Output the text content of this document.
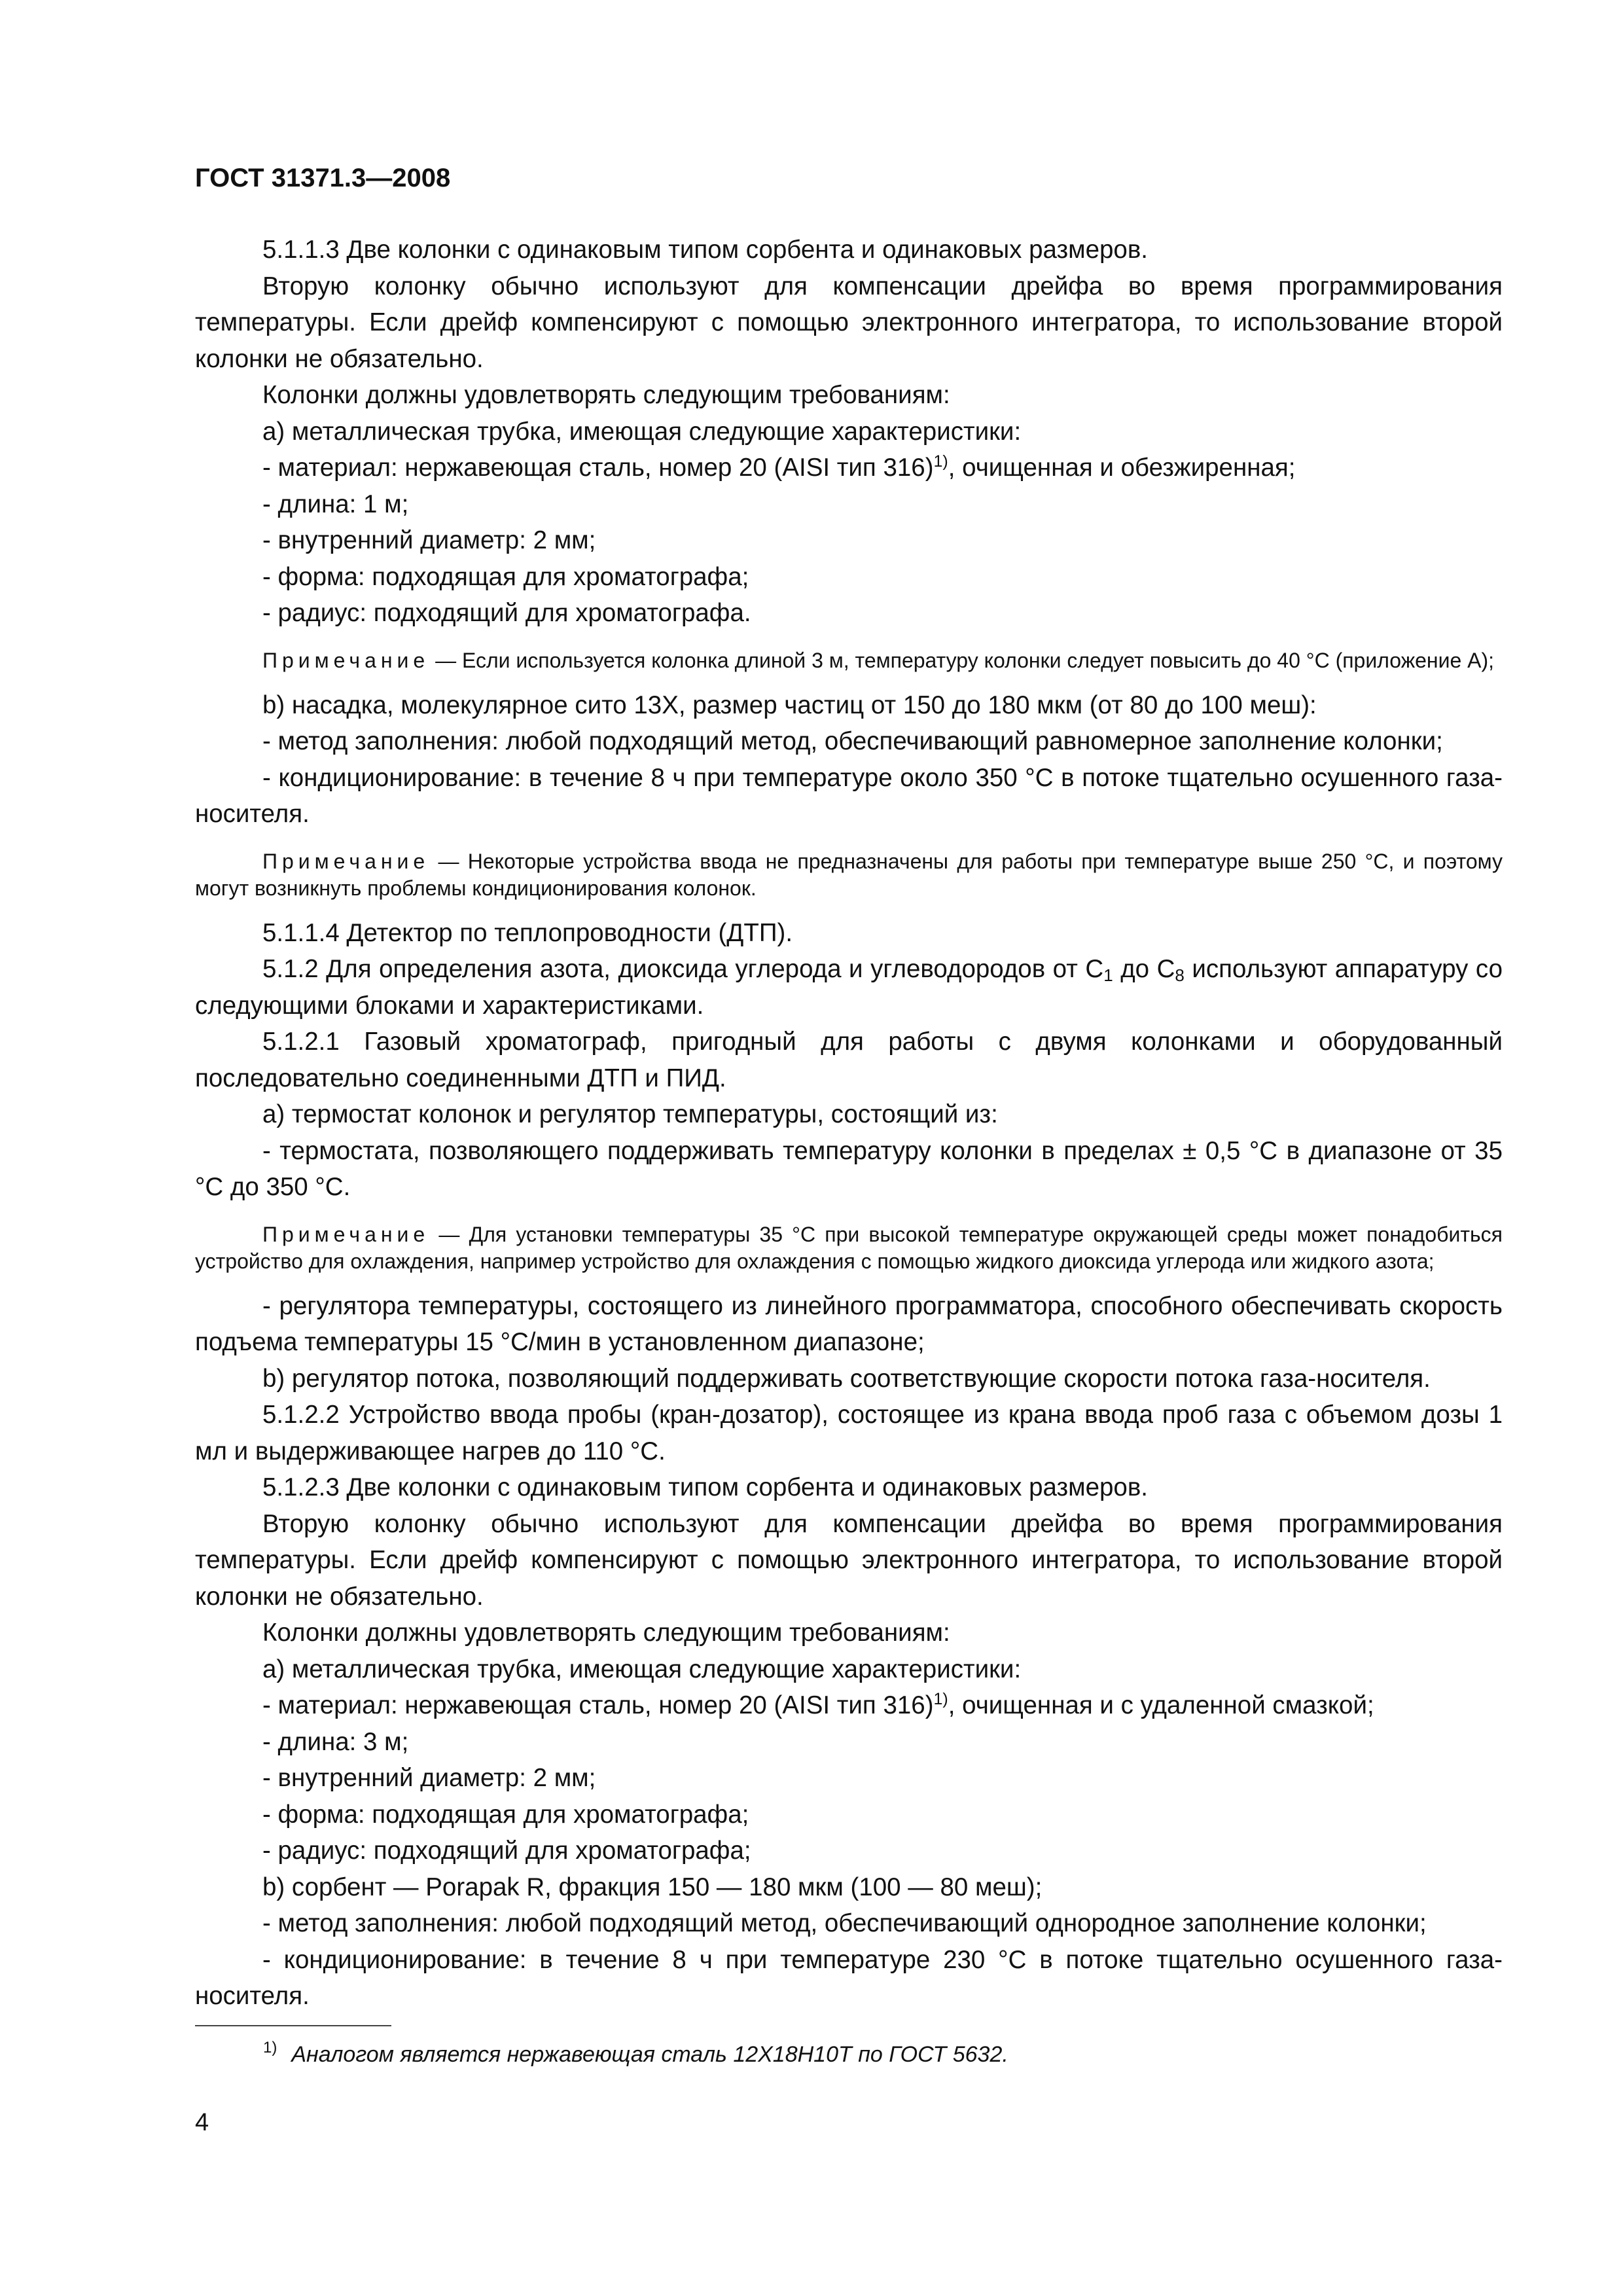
ГОСТ 31371.3—2008

5.1.1.3 Две колонки с одинаковым типом сорбента и одинаковых размеров.

Вторую колонку обычно используют для компенсации дрейфа во время программирования температуры. Если дрейф компенсируют с помощью электронного интегратора, то использование второй колонки не обязательно.

Колонки должны удовлетворять следующим требованиям:

а) металлическая трубка, имеющая следующие характеристики:

- материал: нержавеющая сталь, номер 20 (AISI тип 316)$^{1)}$, очищенная и обезжиренная;

- длина: 1 м;

- внутренний диаметр: 2 мм;

- форма: подходящая для хроматографа;

- радиус: подходящий для хроматографа.

Примечание — Если используется колонка длиной 3 м, температуру колонки следует повысить до 40 °С (приложение А);

b) насадка, молекулярное сито 13X, размер частиц от 150 до 180 мкм (от 80 до 100 меш):

- метод заполнения: любой подходящий метод, обеспечивающий равномерное заполнение колонки;

- кондиционирование: в течение 8 ч при температуре около 350 °С в потоке тщательно осушенного газа-носителя.

Примечание — Некоторые устройства ввода не предназначены для работы при температуре выше 250 °С, и поэтому могут возникнуть проблемы кондиционирования колонок.

5.1.1.4 Детектор по теплопроводности (ДТП).

5.1.2 Для определения азота, диоксида углерода и углеводородов от $С_1$ до $С_8$ используют аппаратуру со следующими блоками и характеристиками.

5.1.2.1 Газовый хроматограф, пригодный для работы с двумя колонками и оборудованный последовательно соединенными ДТП и ПИД.

а) термостат колонок и регулятор температуры, состоящий из:

- термостата, позволяющего поддерживать температуру колонки в пределах ± 0,5 °С в диапазоне от 35 °С до 350 °С.

Примечание — Для установки температуры 35 °С при высокой температуре окружающей среды может понадобиться устройство для охлаждения, например устройство для охлаждения с помощью жидкого диоксида углерода или жидкого азота;

- регулятора температуры, состоящего из линейного программатора, способного обеспечивать скорость подъема температуры 15 °С/мин в установленном диапазоне;

b) регулятор потока, позволяющий поддерживать соответствующие скорости потока газа-носителя.

5.1.2.2 Устройство ввода пробы (кран-дозатор), состоящее из крана ввода проб газа с объемом дозы 1 мл и выдерживающее нагрев до 110 °С.

5.1.2.3 Две колонки с одинаковым типом сорбента и одинаковых размеров.

Вторую колонку обычно используют для компенсации дрейфа во время программирования температуры. Если дрейф компенсируют с помощью электронного интегратора, то использование второй колонки не обязательно.

Колонки должны удовлетворять следующим требованиям:

а) металлическая трубка, имеющая следующие характеристики:

- материал: нержавеющая сталь, номер 20 (AISI тип 316)$^{1)}$, очищенная и с удаленной смазкой;

- длина: 3 м;

- внутренний диаметр: 2 мм;

- форма: подходящая для хроматографа;

- радиус: подходящий для хроматографа;

b) сорбент — Porapak R, фракция 150 — 180 мкм (100 — 80 меш);

- метод заполнения: любой подходящий метод, обеспечивающий однородное заполнение колонки;

- кондиционирование: в течение 8 ч при температуре 230 °С в потоке тщательно осушенного газа-носителя.

$^{1)}$ Аналогом является нержавеющая сталь 12Х18Н10Т по ГОСТ 5632.
4
